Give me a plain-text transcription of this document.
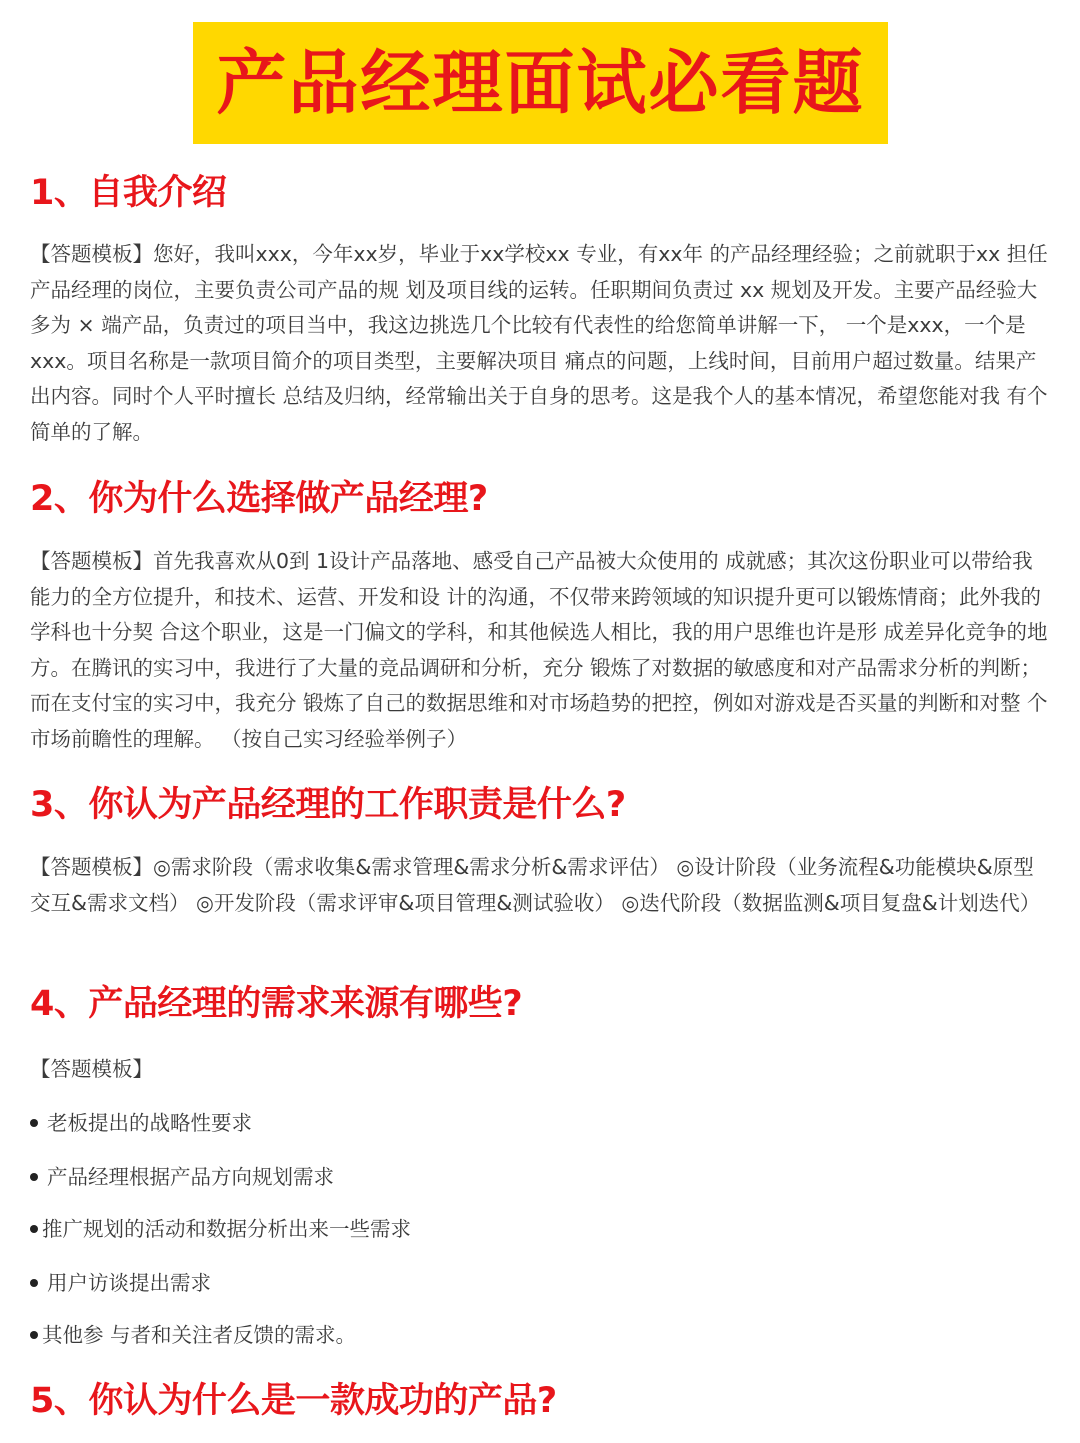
产品经理面试必看题
1、自我介绍

【答题模板】您好，我叫xxx，今年xx岁，毕业于xx学校xx 专业，有xx年 的产品经理经验；之前就职于xx 担任产品经理的岗位，主要负责公司产品的规 划及项目线的运转。任职期间负责过 xx 规划及开发。主要产品经验大多为 × 端产品，负责过的项目当中，我这边挑选几个比较有代表性的给您简单讲解一下， 一个是xxx，一个是xxx。项目名称是一款项目简介的项目类型，主要解决项目 痛点的问题，上线时间，目前用户超过数量。结果产出内容。同时个人平时擅长 总结及归纳，经常输出关于自身的思考。这是我个人的基本情况，希望您能对我 有个简单的了解。

2、你为什么选择做产品经理?

【答题模板】首先我喜欢从0到 1设计产品落地、感受自己产品被大众使用的 成就感；其次这份职业可以带给我能力的全方位提升，和技术、运营、开发和设 计的沟通，不仅带来跨领域的知识提升更可以锻炼情商；此外我的学科也十分契 合这个职业，这是一门偏文的学科，和其他候选人相比，我的用户思维也许是形 成差异化竞争的地方。在腾讯的实习中，我进行了大量的竞品调研和分析，充分 锻炼了对数据的敏感度和对产品需求分析的判断；而在支付宝的实习中，我充分 锻炼了自己的数据思维和对市场趋势的把控，例如对游戏是否买量的判断和对整 个市场前瞻性的理解。 （按自己实习经验举例子）

3、你认为产品经理的工作职责是什么?

【答题模板】◎需求阶段（需求收集&需求管理&需求分析&需求评估） ◎设计阶段（业务流程&功能模块&原型交互&需求文档） ◎开发阶段（需求评审&项目管理&测试验收） ◎迭代阶段（数据监测&项目复盘&计划迭代）

4、产品经理的需求来源有哪些?

【答题模板】

老板提出的战略性要求
产品经理根据产品方向规划需求
推广规划的活动和数据分析出来一些需求
用户访谈提出需求
其他参 与者和关注者反馈的需求。
5、你认为什么是一款成功的产品?
